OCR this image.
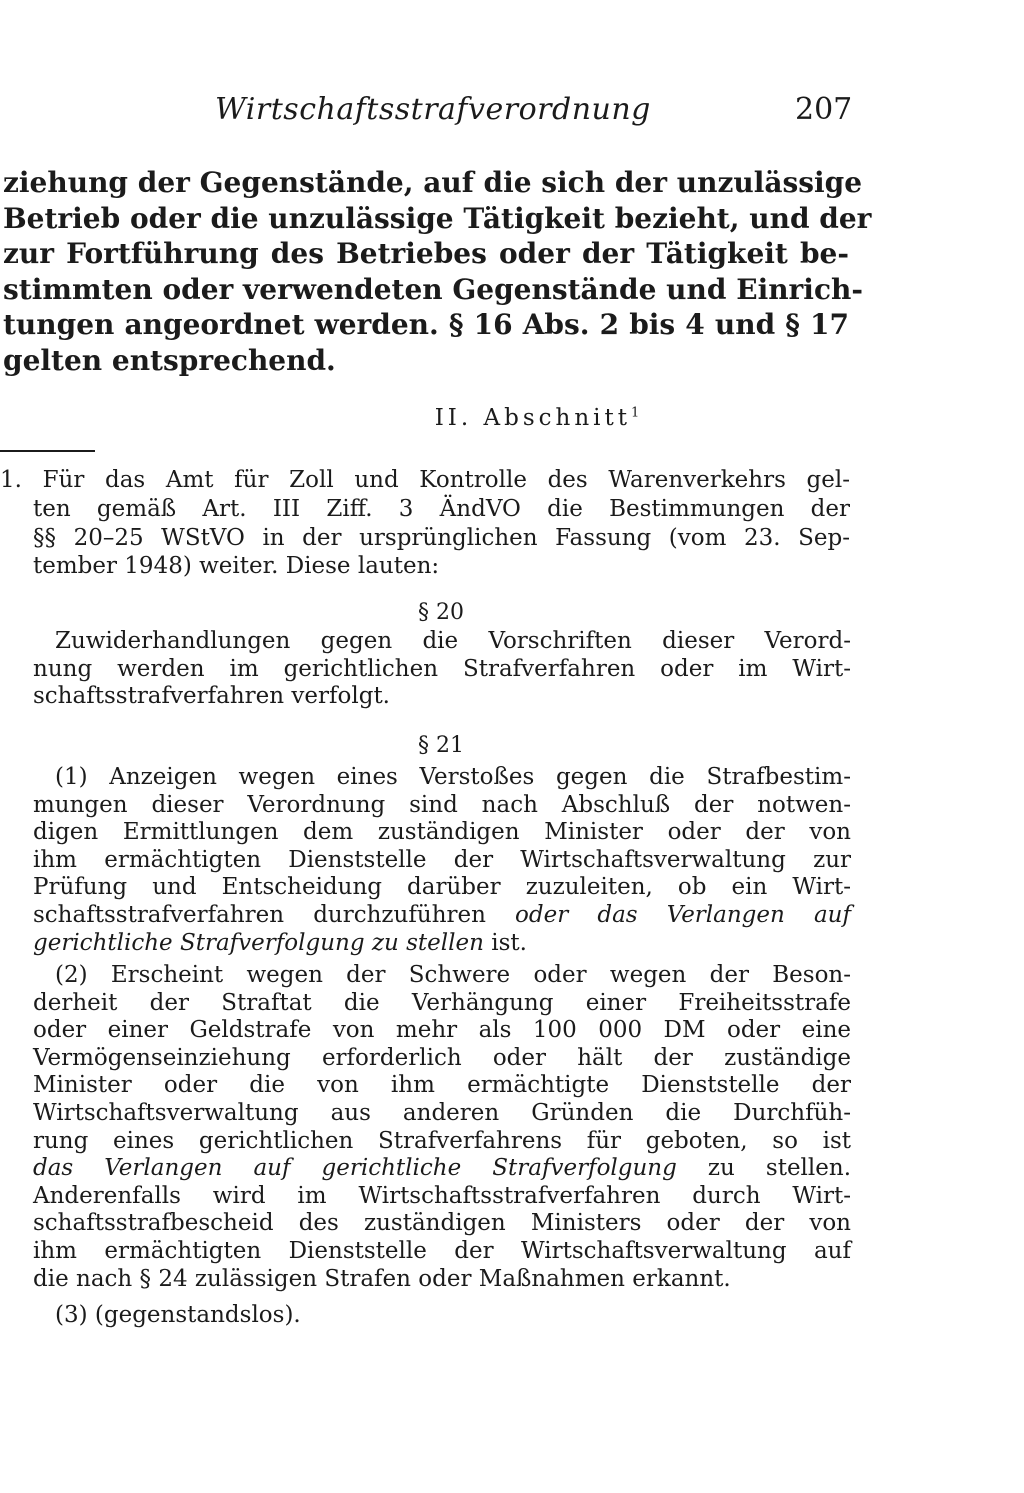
Wirtschaftsstrafverordnung	207
ziehung der Gegenstände, auf die sich der unzulässige
Betrieb oder die unzulässige Tätigkeit bezieht, und der
zur Fortführung des Betriebes oder der Tätigkeit be-
stimmten oder verwendeten Gegenstände und Einrich-
tungen angeordnet werden. § 16 Abs. 2 bis 4 und § 17
gelten entsprechend.
II. Abschnitt$^1$
1. Für das Amt für Zoll und Kontrolle des Warenverkehrs gel-
ten gemäß Art. III Ziff. 3 ÄndVO die Bestimmungen der
§§ 20–25 WStVO in der ursprünglichen Fassung (vom 23. Sep-
tember 1948) weiter. Diese lauten:
§ 20
Zuwiderhandlungen gegen die Vorschriften dieser Verord-
nung werden im gerichtlichen Strafverfahren oder im Wirt-
schaftsstrafverfahren verfolgt.
§ 21
(1) Anzeigen wegen eines Verstoßes gegen die Strafbestim-
mungen dieser Verordnung sind nach Abschluß der notwen-
digen Ermittlungen dem zuständigen Minister oder der von
ihm ermächtigten Dienststelle der Wirtschaftsverwaltung zur
Prüfung und Entscheidung darüber zuzuleiten, ob ein Wirt-
schaftsstrafverfahren durchzuführen oder das Verlangen auf
gerichtliche Strafverfolgung zu stellen ist.
(2) Erscheint wegen der Schwere oder wegen der Beson-
derheit der Straftat die Verhängung einer Freiheitsstrafe
oder einer Geldstrafe von mehr als 100 000 DM oder eine
Vermögenseinziehung erforderlich oder hält der zuständige
Minister oder die von ihm ermächtigte Dienststelle der
Wirtschaftsverwaltung aus anderen Gründen die Durchfüh-
rung eines gerichtlichen Strafverfahrens für geboten, so ist
das Verlangen auf gerichtliche Strafverfolgung zu stellen.
Anderenfalls wird im Wirtschaftsstrafverfahren durch Wirt-
schaftsstrafbescheid des zuständigen Ministers oder der von
ihm ermächtigten Dienststelle der Wirtschaftsverwaltung auf
die nach § 24 zulässigen Strafen oder Maßnahmen erkannt.
(3) (gegenstandslos).
